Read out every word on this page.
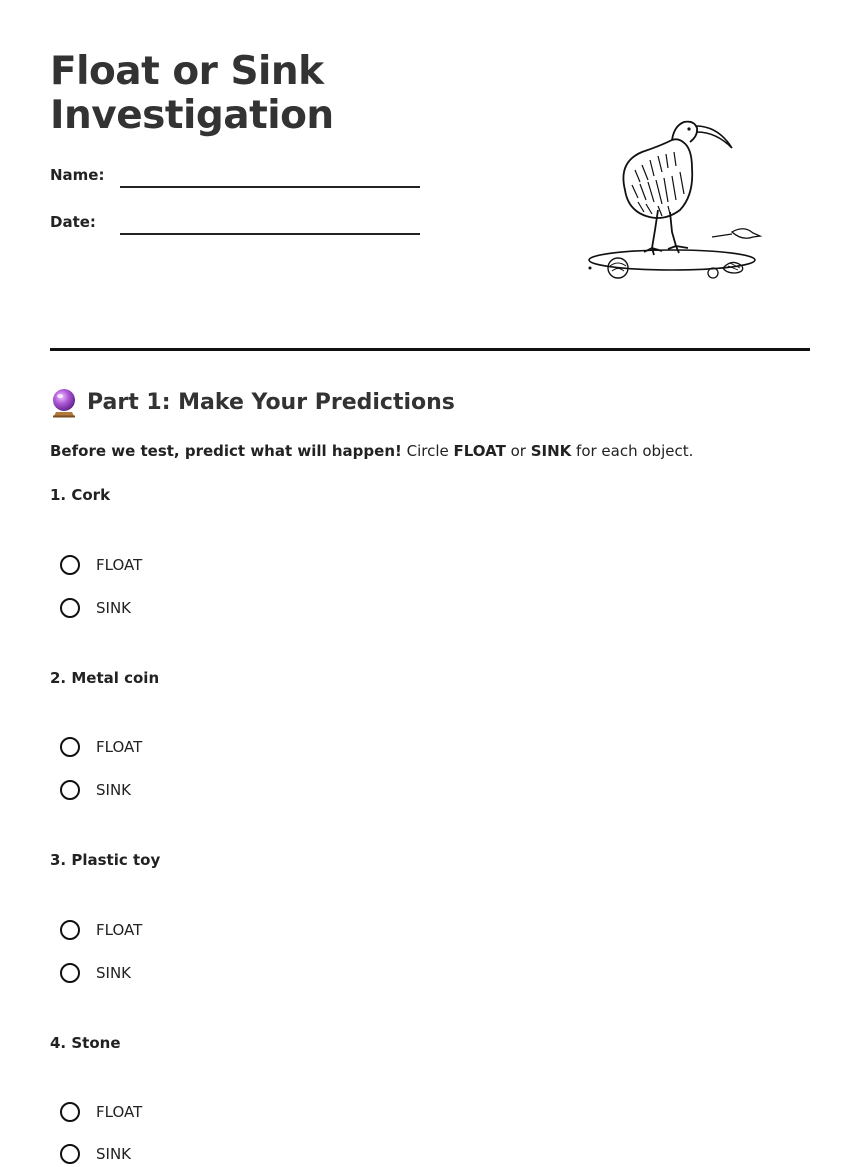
Float or Sink
Investigation
Name:
Date:
Part 1: Make Your Predictions

Before we test, predict what will happen! Circle FLOAT or SINK for each object.

1. Cork
FLOAT
SINK
2. Metal coin
FLOAT
SINK
3. Plastic toy
FLOAT
SINK
4. Stone
FLOAT
SINK
